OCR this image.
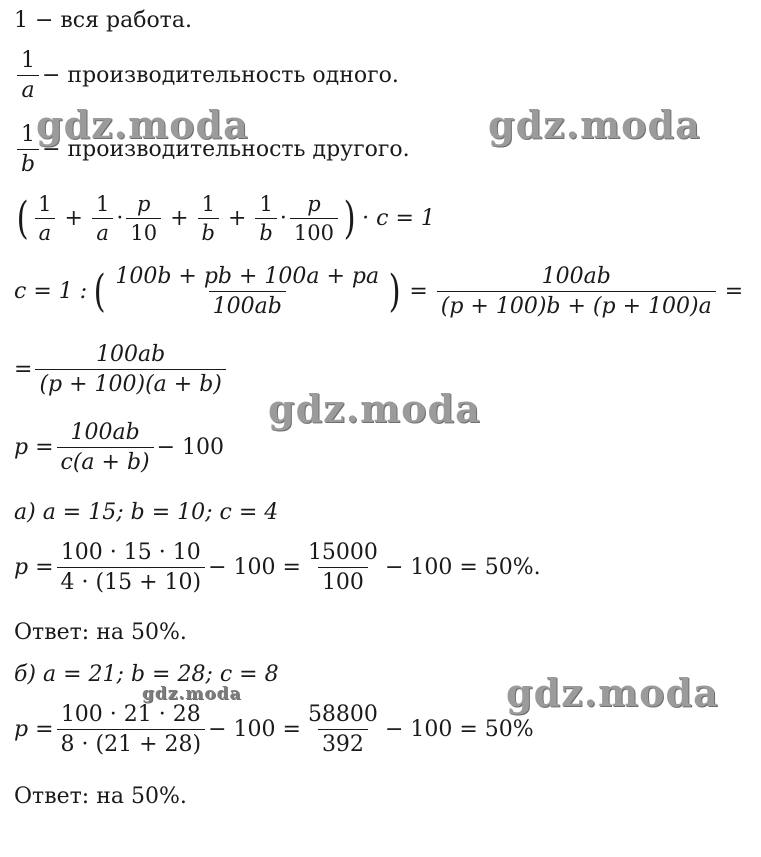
1 − вся работа.
$\frac{1}{a}$ − производительность одного.
$\frac{1}{b}$ − производительность другого.
( $\frac{1}{a} + \frac{1}{a} \cdot \frac{p}{10} + \frac{1}{b} + \frac{1}{b} \cdot \frac{p}{100}$ ) · c = 1
c = 1 : ( $\frac{100b + pb + 100a + pa}{100ab}$ ) = $\frac{100ab}{(p + 100)b + (p + 100)a}$ =
= $\frac{100ab}{(p + 100)(a + b)}$
$p = \frac{100ab}{c(a + b)} - 100$
а) a = 15; b = 10; c = 4
$p = \frac{100 \cdot 15 \cdot 10}{4 \cdot (15 + 10)} - 100 = \frac{15000}{100} - 100 = 50\%$.
Ответ: на 50%.
б) a = 21; b = 28; c = 8
$p = \frac{100 \cdot 21 \cdot 28}{8 \cdot (21 + 28)} - 100 = \frac{58800}{392} - 100 = 50\%$
Ответ: на 50%.
gdz.moda	gdz.moda
gdz.moda
gdz.moda	gdz.moda
